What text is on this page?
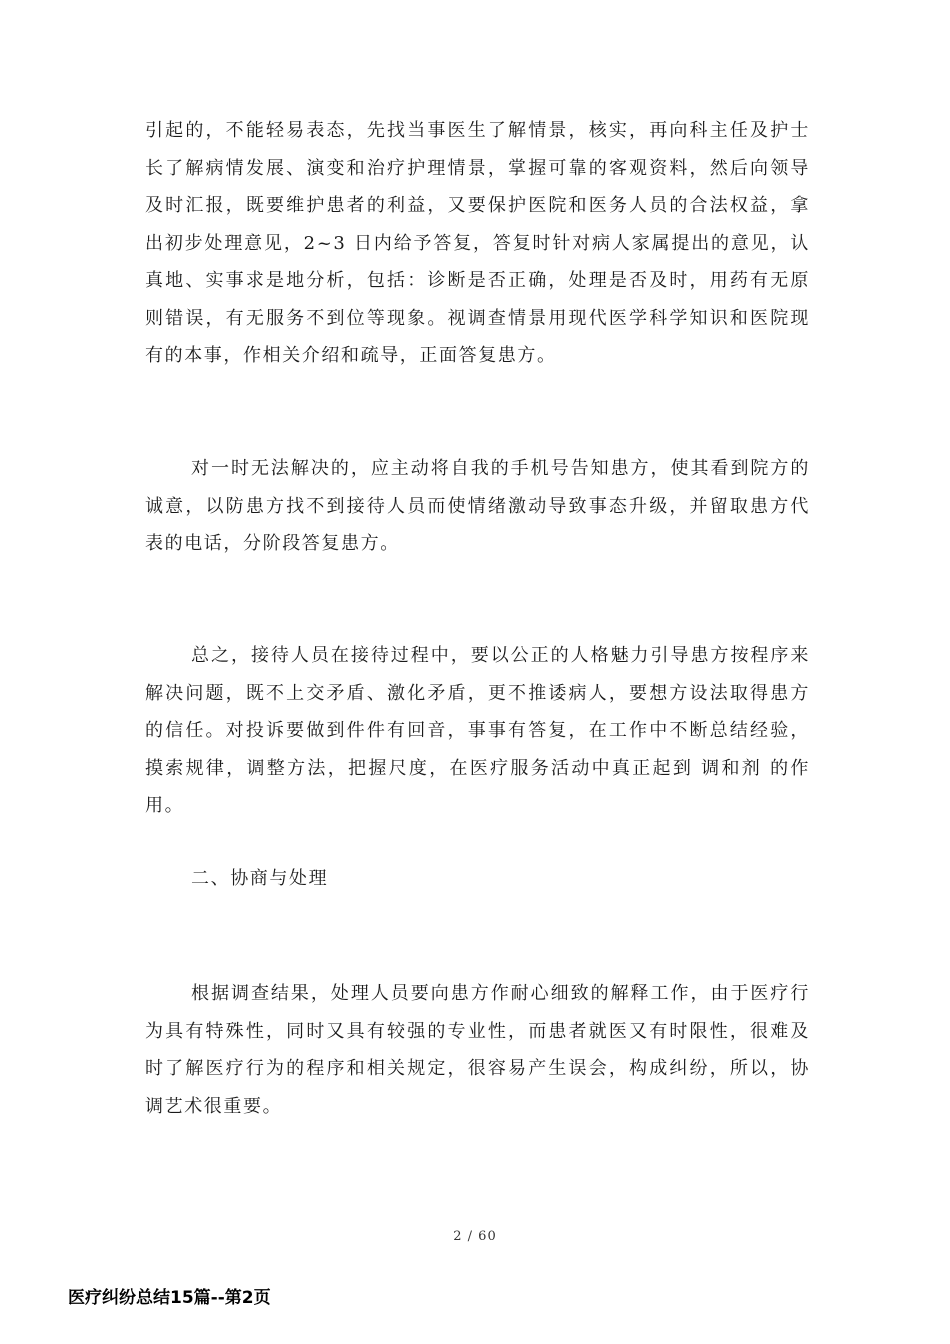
引起的，不能轻易表态，先找当事医生了解情景，核实，再向科主任及护士长了解病情发展、演变和治疗护理情景，掌握可靠的客观资料，然后向领导及时汇报，既要维护患者的利益，又要保护医院和医务人员的合法权益，拿出初步处理意见，2~3 日内给予答复，答复时针对病人家属提出的意见，认真地、实事求是地分析，包括：诊断是否正确，处理是否及时，用药有无原则错误，有无服务不到位等现象。视调查情景用现代医学科学知识和医院现有的本事，作相关介绍和疏导，正面答复患方。

对一时无法解决的，应主动将自我的手机号告知患方，使其看到院方的诚意，以防患方找不到接待人员而使情绪激动导致事态升级，并留取患方代表的电话，分阶段答复患方。

总之，接待人员在接待过程中，要以公正的人格魅力引导患方按程序来解决问题，既不上交矛盾、激化矛盾，更不推诿病人，要想方设法取得患方的信任。对投诉要做到件件有回音，事事有答复，在工作中不断总结经验，摸索规律，调整方法，把握尺度，在医疗服务活动中真正起到 调和剂 的作用。

二、协商与处理

根据调查结果，处理人员要向患方作耐心细致的解释工作，由于医疗行为具有特殊性，同时又具有较强的专业性，而患者就医又有时限性，很难及时了解医疗行为的程序和相关规定，很容易产生误会，构成纠纷，所以，协调艺术很重要。

2 / 60
医疗纠纷总结15篇--第2页
